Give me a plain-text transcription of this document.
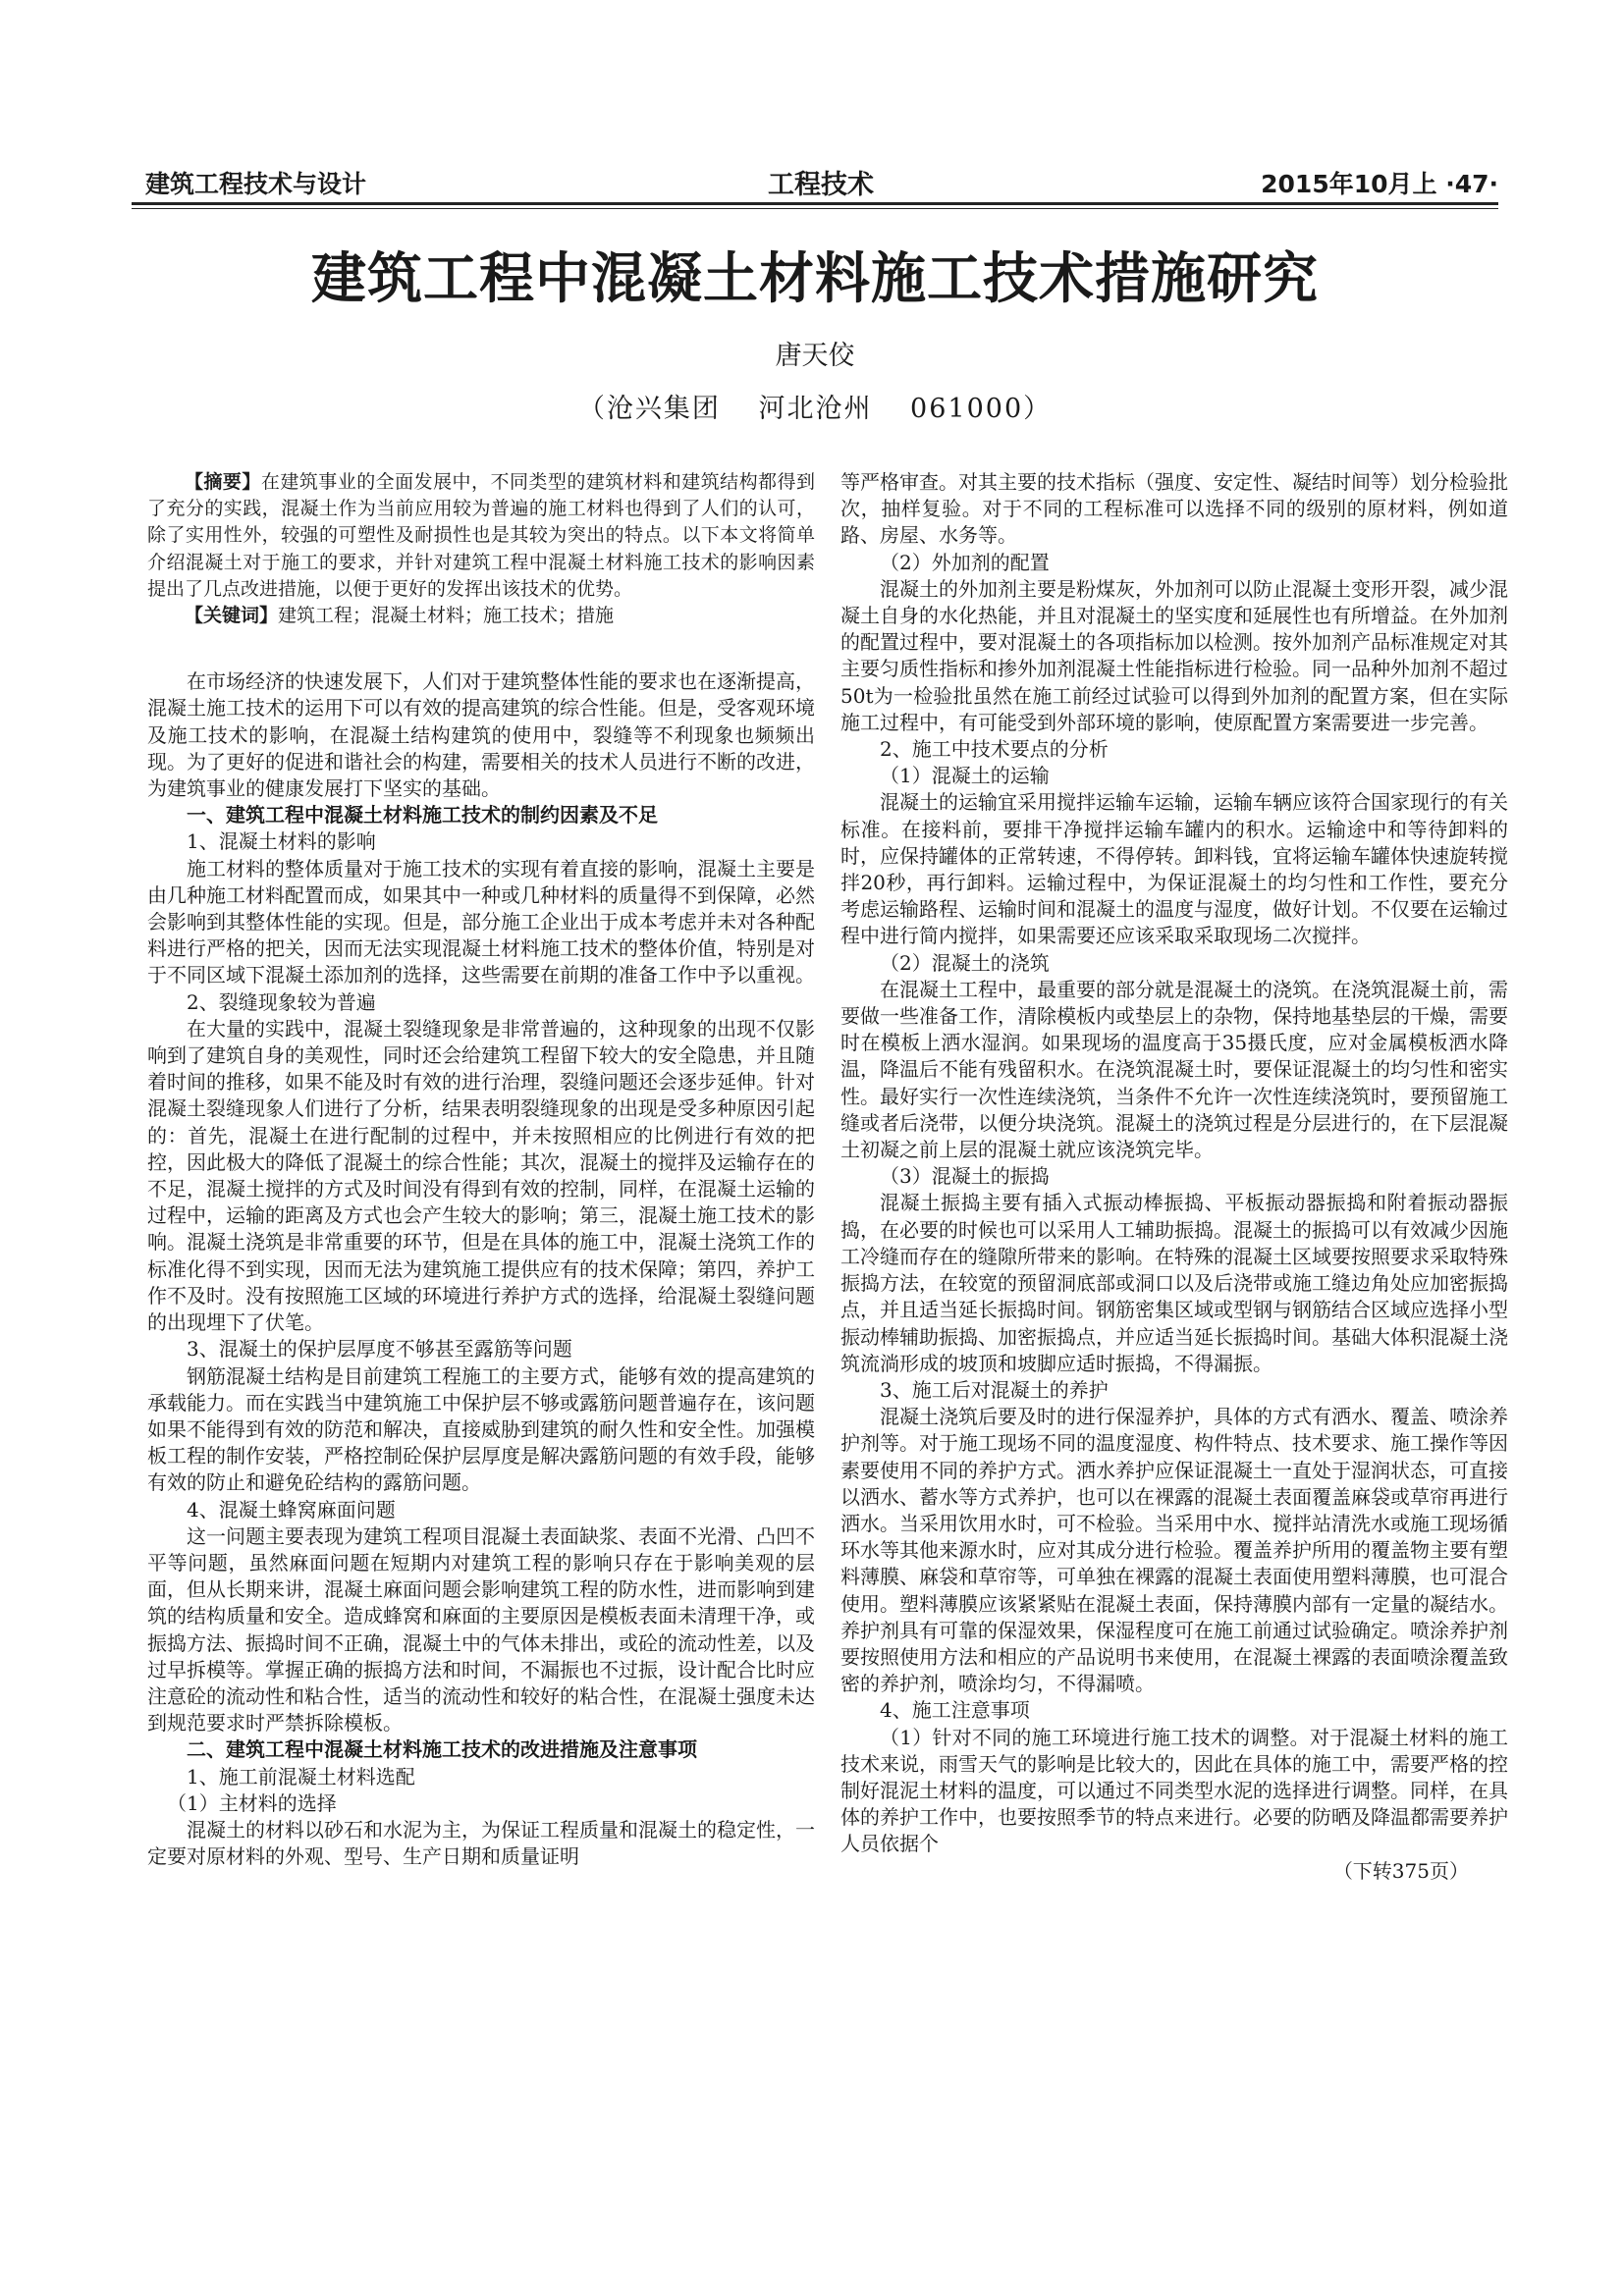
建筑工程技术与设计	工程技术	2015年10月上 ·47·
建筑工程中混凝土材料施工技术措施研究
唐天佼
（沧兴集团 河北沧州 061000）

【摘要】在建筑事业的全面发展中，不同类型的建筑材料和建筑结构都得到了充分的实践，混凝土作为当前应用较为普遍的施工材料也得到了人们的认可，除了实用性外，较强的可塑性及耐损性也是其较为突出的特点。以下本文将简单介绍混凝土对于施工的要求，并针对建筑工程中混凝土材料施工技术的影响因素提出了几点改进措施，以便于更好的发挥出该技术的优势。

【关键词】建筑工程；混凝土材料；施工技术；措施

在市场经济的快速发展下，人们对于建筑整体性能的要求也在逐渐提高，混凝土施工技术的运用下可以有效的提高建筑的综合性能。但是，受客观环境及施工技术的影响，在混凝土结构建筑的使用中，裂缝等不利现象也频频出现。为了更好的促进和谐社会的构建，需要相关的技术人员进行不断的改进，为建筑事业的健康发展打下坚实的基础。

一、建筑工程中混凝土材料施工技术的制约因素及不足

1、混凝土材料的影响

施工材料的整体质量对于施工技术的实现有着直接的影响，混凝土主要是由几种施工材料配置而成，如果其中一种或几种材料的质量得不到保障，必然会影响到其整体性能的实现。但是，部分施工企业出于成本考虑并未对各种配料进行严格的把关，因而无法实现混凝土材料施工技术的整体价值，特别是对于不同区域下混凝土添加剂的选择，这些需要在前期的准备工作中予以重视。

2、裂缝现象较为普遍

在大量的实践中，混凝土裂缝现象是非常普遍的，这种现象的出现不仅影响到了建筑自身的美观性，同时还会给建筑工程留下较大的安全隐患，并且随着时间的推移，如果不能及时有效的进行治理，裂缝问题还会逐步延伸。针对混凝土裂缝现象人们进行了分析，结果表明裂缝现象的出现是受多种原因引起的：首先，混凝土在进行配制的过程中，并未按照相应的比例进行有效的把控，因此极大的降低了混凝土的综合性能；其次，混凝土的搅拌及运输存在的不足，混凝土搅拌的方式及时间没有得到有效的控制，同样，在混凝土运输的过程中，运输的距离及方式也会产生较大的影响；第三，混凝土施工技术的影响。混凝土浇筑是非常重要的环节，但是在具体的施工中，混凝土浇筑工作的标准化得不到实现，因而无法为建筑施工提供应有的技术保障；第四，养护工作不及时。没有按照施工区域的环境进行养护方式的选择，给混凝土裂缝问题的出现埋下了伏笔。

3、混凝土的保护层厚度不够甚至露筋等问题

钢筋混凝土结构是目前建筑工程施工的主要方式，能够有效的提高建筑的承载能力。而在实践当中建筑施工中保护层不够或露筋问题普遍存在，该问题如果不能得到有效的防范和解决，直接威胁到建筑的耐久性和安全性。加强模板工程的制作安装，严格控制砼保护层厚度是解决露筋问题的有效手段，能够有效的防止和避免砼结构的露筋问题。

4、混凝土蜂窝麻面问题

这一问题主要表现为建筑工程项目混凝土表面缺浆、表面不光滑、凸凹不平等问题，虽然麻面问题在短期内对建筑工程的影响只存在于影响美观的层面，但从长期来讲，混凝土麻面问题会影响建筑工程的防水性，进而影响到建筑的结构质量和安全。造成蜂窝和麻面的主要原因是模板表面未清理干净，或振捣方法、振捣时间不正确，混凝土中的气体未排出，或砼的流动性差，以及过早拆模等。掌握正确的振捣方法和时间，不漏振也不过振，设计配合比时应注意砼的流动性和粘合性，适当的流动性和较好的粘合性，在混凝土强度未达到规范要求时严禁拆除模板。

二、建筑工程中混凝土材料施工技术的改进措施及注意事项

1、施工前混凝土材料选配

（1）主材料的选择

混凝土的材料以砂石和水泥为主，为保证工程质量和混凝土的稳定性，一定要对原材料的外观、型号、生产日期和质量证明

等严格审查。对其主要的技术指标（强度、安定性、凝结时间等）划分检验批次，抽样复验。对于不同的工程标准可以选择不同的级别的原材料，例如道路、房屋、水务等。

（2）外加剂的配置

混凝土的外加剂主要是粉煤灰，外加剂可以防止混凝土变形开裂，减少混凝土自身的水化热能，并且对混凝土的坚实度和延展性也有所增益。在外加剂的配置过程中，要对混凝土的各项指标加以检测。按外加剂产品标准规定对其主要匀质性指标和掺外加剂混凝土性能指标进行检验。同一品种外加剂不超过50t为一检验批虽然在施工前经过试验可以得到外加剂的配置方案，但在实际施工过程中，有可能受到外部环境的影响，使原配置方案需要进一步完善。

2、施工中技术要点的分析

（1）混凝土的运输

混凝土的运输宜采用搅拌运输车运输，运输车辆应该符合国家现行的有关标准。在接料前，要排干净搅拌运输车罐内的积水。运输途中和等待卸料的时，应保持罐体的正常转速，不得停转。卸料钱，宜将运输车罐体快速旋转搅拌20秒，再行卸料。运输过程中，为保证混凝土的均匀性和工作性，要充分考虑运输路程、运输时间和混凝土的温度与湿度，做好计划。不仅要在运输过程中进行简内搅拌，如果需要还应该采取采取现场二次搅拌。

（2）混凝土的浇筑

在混凝土工程中，最重要的部分就是混凝土的浇筑。在浇筑混凝土前，需要做一些准备工作，清除模板内或垫层上的杂物，保持地基垫层的干燥，需要时在模板上洒水湿润。如果现场的温度高于35摄氏度，应对金属模板洒水降温，降温后不能有残留积水。在浇筑混凝土时，要保证混凝土的均匀性和密实性。最好实行一次性连续浇筑，当条件不允许一次性连续浇筑时，要预留施工缝或者后浇带，以便分块浇筑。混凝土的浇筑过程是分层进行的，在下层混凝土初凝之前上层的混凝土就应该浇筑完毕。

（3）混凝土的振捣

混凝土振捣主要有插入式振动棒振捣、平板振动器振捣和附着振动器振捣，在必要的时候也可以采用人工辅助振捣。混凝土的振捣可以有效减少因施工冷缝而存在的缝隙所带来的影响。在特殊的混凝土区域要按照要求采取特殊振捣方法，在较宽的预留洞底部或洞口以及后浇带或施工缝边角处应加密振捣点，并且适当延长振捣时间。钢筋密集区域或型钢与钢筋结合区域应选择小型振动棒辅助振捣、加密振捣点，并应适当延长振捣时间。基础大体积混凝土浇筑流淌形成的坡顶和坡脚应适时振捣，不得漏振。

3、施工后对混凝土的养护

混凝土浇筑后要及时的进行保湿养护，具体的方式有洒水、覆盖、喷涂养护剂等。对于施工现场不同的温度湿度、构件特点、技术要求、施工操作等因素要使用不同的养护方式。洒水养护应保证混凝土一直处于湿润状态，可直接以洒水、蓄水等方式养护，也可以在裸露的混凝土表面覆盖麻袋或草帘再进行洒水。当采用饮用水时，可不检验。当采用中水、搅拌站清洗水或施工现场循环水等其他来源水时，应对其成分进行检验。覆盖养护所用的覆盖物主要有塑料薄膜、麻袋和草帘等，可单独在裸露的混凝土表面使用塑料薄膜，也可混合使用。塑料薄膜应该紧紧贴在混凝土表面，保持薄膜内部有一定量的凝结水。养护剂具有可靠的保湿效果，保湿程度可在施工前通过试验确定。喷涂养护剂要按照使用方法和相应的产品说明书来使用，在混凝土裸露的表面喷涂覆盖致密的养护剂，喷涂均匀，不得漏喷。

4、施工注意事项

（1）针对不同的施工环境进行施工技术的调整。对于混凝土材料的施工技术来说，雨雪天气的影响是比较大的，因此在具体的施工中，需要严格的控制好混泥土材料的温度，可以通过不同类型水泥的选择进行调整。同样，在具体的养护工作中，也要按照季节的特点来进行。必要的防晒及降温都需要养护人员依据个

（下转375页）
